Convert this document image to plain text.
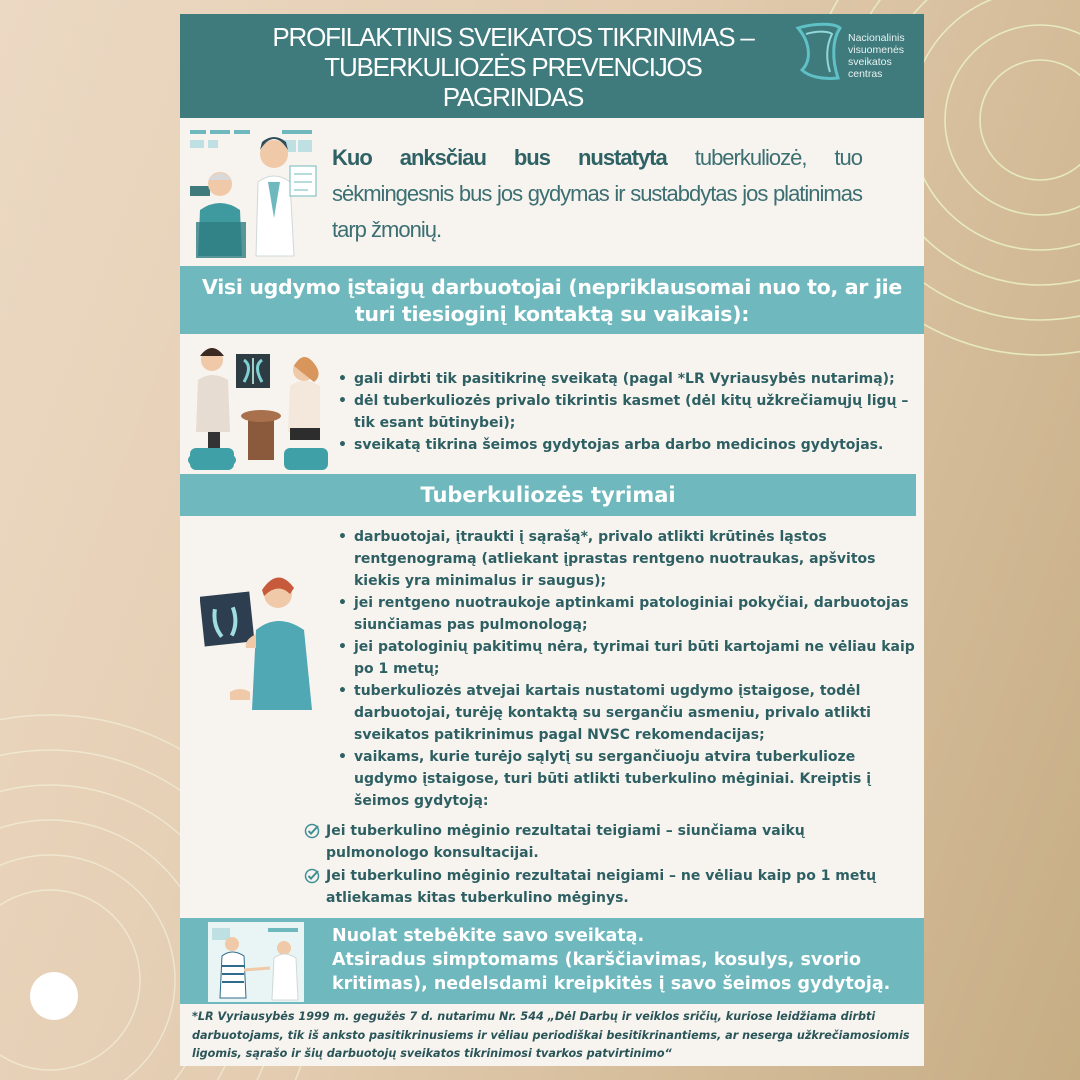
PROFILAKTINIS SVEIKATOS TIKRINIMAS –
TUBERKULIOZĖS PREVENCIJOS
PAGRINDAS
Nacionalinis
visuomenės
sveikatos
centras
Kuo anksčiau bus nustatyta tuberkuliozė, tuo sėkmingesnis bus jos gydymas ir sustabdytas jos platinimas tarp žmonių.
Visi ugdymo įstaigų darbuotojai (nepriklausomai nuo to, ar jie turi tiesioginį kontaktą su vaikais):
• gali dirbti tik pasitikrinę sveikatą (pagal *LR Vyriausybės nutarimą);
• dėl tuberkuliozės privalo tikrintis kasmet (dėl kitų užkrečiamųjų ligų – tik esant būtinybei);
• sveikatą tikrina šeimos gydytojas arba darbo medicinos gydytojas.
Tuberkuliozės tyrimai
• darbuotojai, įtraukti į sąrašą*, privalo atlikti krūtinės ląstos rentgenogramą (atliekant įprastas rentgeno nuotraukas, apšvitos kiekis yra minimalus ir saugus);
• jei rentgeno nuotraukoje aptinkami patologiniai pokyčiai, darbuotojas siunčiamas pas pulmonologą;
• jei patologinių pakitimų nėra, tyrimai turi būti kartojami ne vėliau kaip po 1 metų;
• tuberkuliozės atvejai kartais nustatomi ugdymo įstaigose, todėl darbuotojai, turėję kontaktą su sergančiu asmeniu, privalo atlikti sveikatos patikrinimus pagal NVSC rekomendacijas;
• vaikams, kurie turėjo sąlytį su sergančiuoju atvira tuberkulioze ugdymo įstaigose, turi būti atlikti tuberkulino mėginiai. Kreiptis į šeimos gydytoją:
Jei tuberkulino mėginio rezultatai teigiami – siunčiama vaikų pulmonologo konsultacijai.
Jei tuberkulino mėginio rezultatai neigiami – ne vėliau kaip po 1 metų atliekamas kitas tuberkulino mėginys.
Nuolat stebėkite savo sveikatą.
Atsiradus simptomams (karščiavimas, kosulys, svorio
kritimas), nedelsdami kreipkitės į savo šeimos gydytoją.
*LR Vyriausybės 1999 m. gegužės 7 d. nutarimu Nr. 544 „Dėl Darbų ir veiklos sričių, kuriose leidžiama dirbti darbuotojams, tik iš anksto pasitikrinusiems ir vėliau periodiškai besitikrinantiems, ar neserga užkrečiamosiomis ligomis, sąrašo ir šių darbuotojų sveikatos tikrinimosi tvarkos patvirtinimo“
